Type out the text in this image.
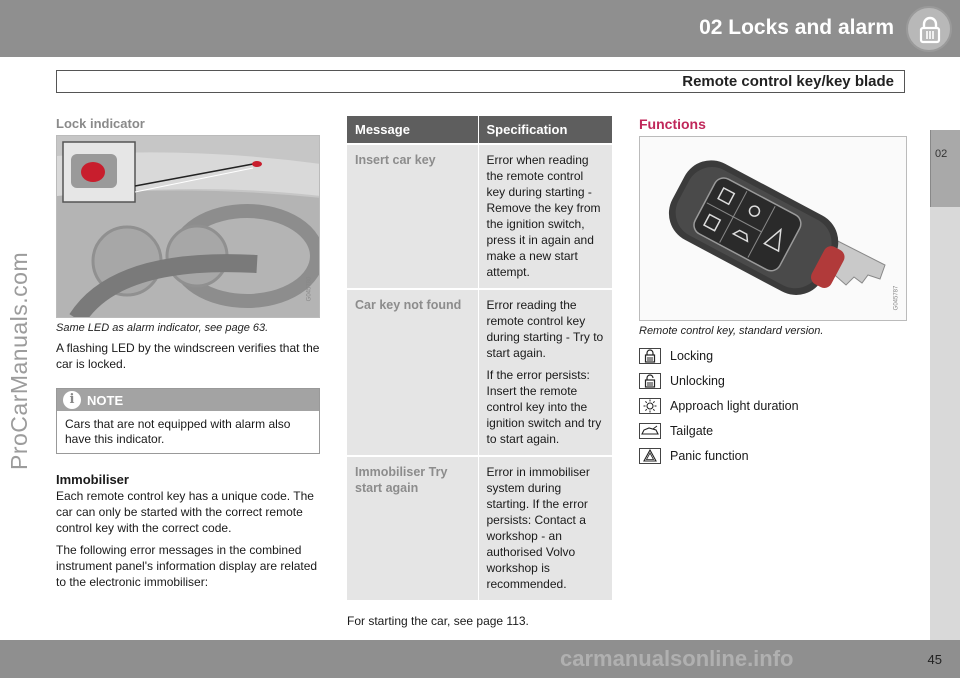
02 Locks and alarm
Remote control key/key blade
02
ProCarManuals.com
Lock indicator
G045780
Same LED as alarm indicator, see page 63.
A flashing LED by the windscreen verifies that the car is locked.
i NOTE
Cars that are not equipped with alarm also have this indicator.
Immobiliser
Each remote control key has a unique code. The car can only be started with the correct remote control key with the correct code.
The following error messages in the combined instrument panel's information display are related to the electronic immobiliser:
Message	Specification
Insert car key	Error when reading the remote control key during starting - Remove the key from the ignition switch, press it in again and make a new start attempt.

Car key not found	Error reading the remote control key during starting - Try to start again.

If the error persists: Insert the remote control key into the ignition switch and try to start again.

Immobiliser Try start again	Error in immobiliser system during starting. If the error persists: Contact a workshop - an authorised Volvo workshop is recommended.

For starting the car, see page 113.
Functions
G045787
Remote control key, standard version.
Locking
Unlocking
Approach light duration
Tailgate
Panic function
carmanualsonline.info	45
